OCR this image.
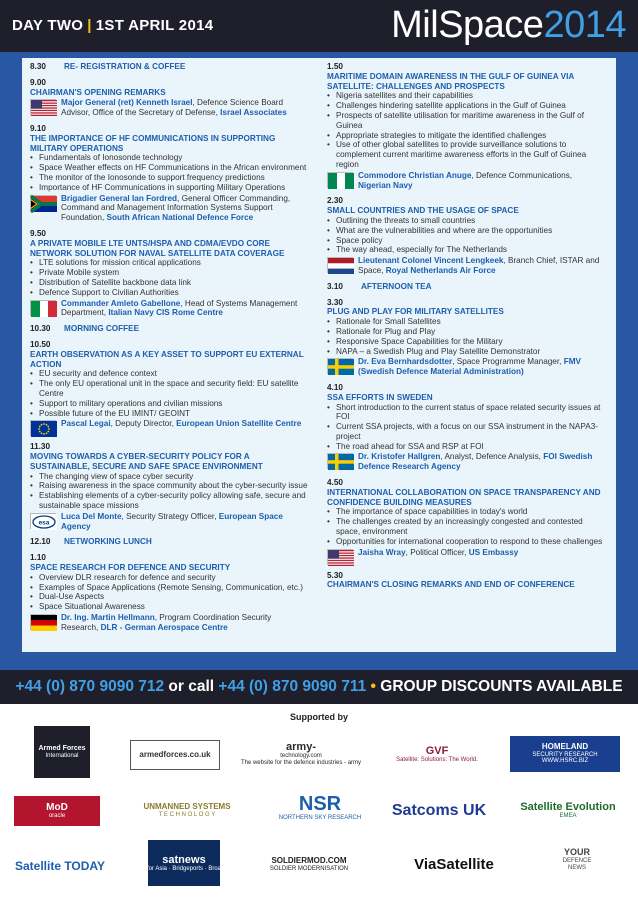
DAY TWO | 1ST APRIL 2014	MilSpace2014
8.30	RE- REGISTRATION & COFFEE
9.00
CHAIRMAN'S OPENING REMARKS
Major General (ret) Kenneth Israel, Defence Science Board Advisor, Office of the Secretary of Defense, Israel Associates
9.10
THE IMPORTANCE OF HF COMMUNICATIONS IN SUPPORTING MILITARY OPERATIONS
• Fundamentals of Ionosonde technology
• Space Weather effects on HF Communications in the African environment
• The monitor of the Ionosonde to support frequency predictions
• Importance of HF Communications in supporting Military Operations
Brigadier General Ian Fordred, General Officer Commanding, Command and Management Information Systems Support Foundation, South African National Defence Force
9.50
A PRIVATE MOBILE LTE UNTS/HSPA AND CDMA/EVDO CORE NETWORK SOLUTION FOR NAVAL SATELLITE DATA COVERAGE
• LTE solutions for mission critical applications
• Private Mobile system
• Distribution of Satellite backbone data link
• Defence Support to Civilian Authorities
Commander Amleto Gabellone, Head of Systems Management Department, Italian Navy CIS Rome Centre
10.30	MORNING COFFEE
10.50
EARTH OBSERVATION AS A KEY ASSET TO SUPPORT EU EXTERNAL ACTION
• EU security and defence context
• The only EU operational unit in the space and security field: EU satellite Centre
• Support to military operations and civilian missions
• Possible future of the EU IMINT/ GEOINT
Pascal Legai, Deputy Director, European Union Satellite Centre
11.30
MOVING TOWARDS A CYBER-SECURITY POLICY FOR A SUSTAINABLE, SECURE AND SAFE SPACE ENVIRONMENT
• The changing view of space cyber security
• Raising awareness in the space community about the cyber-security issue
• Establishing elements of a cyber-security policy allowing safe, secure and sustainable space missions
esa
Luca Del Monte, Security Strategy Officer, European Space Agency
12.10	NETWORKING LUNCH
1.10
SPACE RESEARCH FOR DEFENCE AND SECURITY
• Overview DLR research for defence and security
• Examples of Space Applications (Remote Sensing, Communication, etc.)
• Dual-Use Aspects
• Space Situational Awareness
Dr. Ing. Martin Hellmann, Program Coordination Security Research, DLR - German Aerospace Centre
1.50
MARITIME DOMAIN AWARENESS IN THE GULF OF GUINEA VIA SATELLITE: CHALLENGES AND PROSPECTS
• Nigeria satellites and their capabilities
• Challenges hindering satellite applications in the Gulf of Guinea
• Prospects of satellite utilisation for maritime awareness in the Gulf of Guinea
• Appropriate strategies to mitigate the identified challenges
• Use of other global satellites to provide surveillance solutions to complement current maritime awareness efforts in the Gulf of Guinea region
Commodore Christian Anuge, Defence Communications, Nigerian Navy
2.30
SMALL COUNTRIES AND THE USAGE OF SPACE
• Outlining the threats to small countries
• What are the vulnerabilities and where are the opportunities
• Space policy
• The way ahead, especially for The Netherlands
Lieutenant Colonel Vincent Lengkeek, Branch Chief, ISTAR and Space, Royal Netherlands Air Force
3.10	AFTERNOON TEA
3.30
PLUG AND PLAY FOR MILITARY SATELLITES
• Rationale for Small Satellites
• Rationale for Plug and Play
• Responsive Space Capabilities for the Military
• NAPA – a Swedish Plug and Play Satellite Demonstrator
Dr. Eva Bernhardsdotter, Space Programme Manager, FMV (Swedish Defence Material Administration)
4.10
SSA EFFORTS IN SWEDEN
• Short introduction to the current status of space related security issues at FOI
• Current SSA projects, with a focus on our SSA instrument in the NAPA3-project
• The road ahead for SSA and RSP at FOI
Dr. Kristofer Hallgren, Analyst, Defence Analysis, FOI Swedish Defence Research Agency
4.50
INTERNATIONAL COLLABORATION ON SPACE TRANSPARENCY AND CONFIDENCE BUILDING MEASURES
• The importance of space capabilities in today's world
• The challenges created by an increasingly congested and contested space, environment
• Opportunities for international cooperation to respond to these challenges
Jaisha Wray, Political Officer, US Embassy
5.30
CHAIRMAN'S CLOSING REMARKS AND END OF CONFERENCE
+44 (0) 870 9090 712 or call +44 (0) 870 9090 711 • GROUP DISCOUNTS AVAILABLE
Supported by
Armed Forces
International	armedforces.co.uk
army-
technology.com
The website for the defence industries - army
GVF
Satellite: Solutions: The World.
HOMELAND
SECURITY RESEARCH
WWW.HSRC.BIZ
MoD
oracle
UNMANNED SYSTEMS
T E C H N O L O G Y
NSR
NORTHERN SKY RESEARCH Satcoms UK	Satellite Evolution
EMEA
Satellite TODAY	satnews
News for Asia · Bridgeports · Broadband
SOLDIERMOD.COM
SOLDIER MODERNISATION	ViaSatellite
YOUR
DEFENCE
NEWS
